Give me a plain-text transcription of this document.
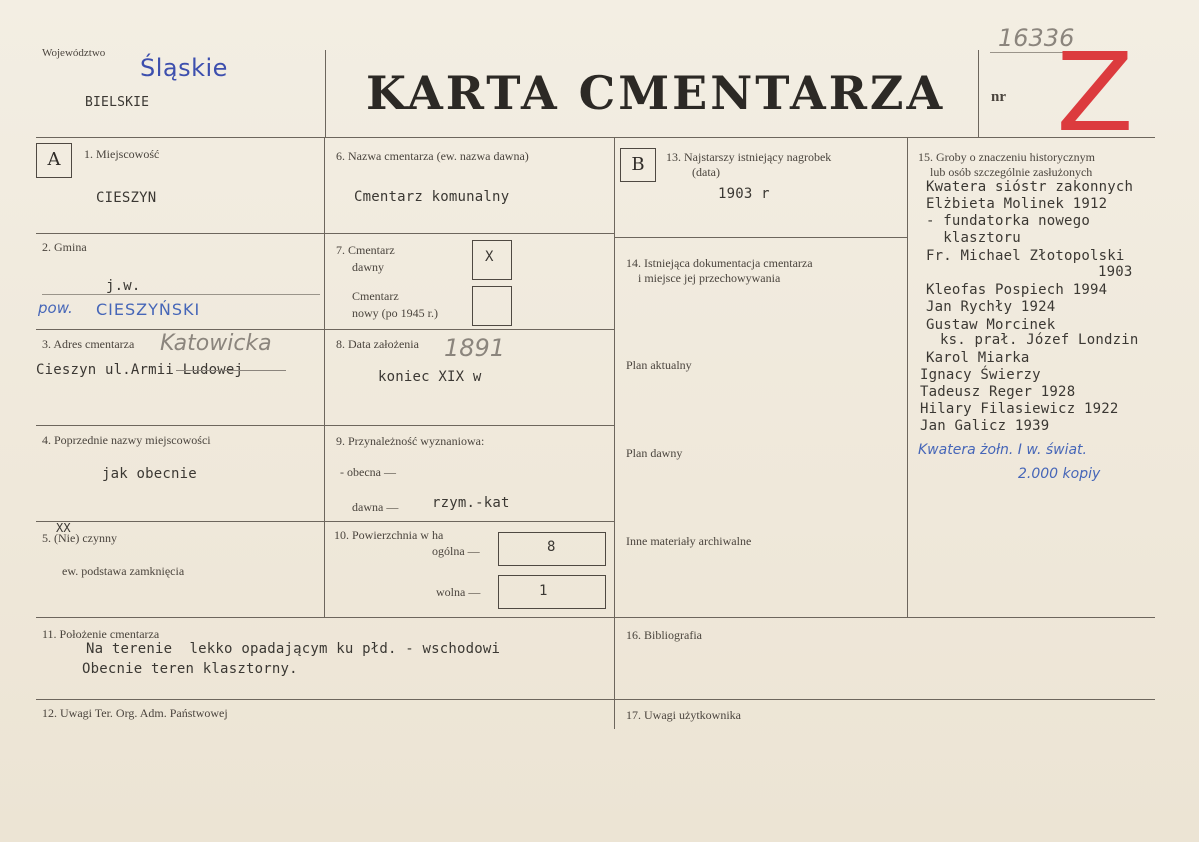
Województwo
Śląskie
BIELSKIE	KARTA CMENTARZA	nr
16336
Z
A	1. Miejscowość
CIESZYN
2. Gmina
j.w.
pow. CIESZYŃSKI
3. Adres cmentarza Katowicka
Cieszyn ul.Armii Ludowej
4. Poprzednie nazwy miejscowości
jak obecnie
5. (Nie) czynny
XX
ew. podstawa zamknięcia
6. Nazwa cmentarza (ew. nazwa dawna)
Cmentarz komunalny
7. Cmentarz
dawny
X
Cmentarz
nowy (po 1945 r.)
8. Data założenia 1891
koniec XIX w
9. Przynależność wyznaniowa:
- obecna —
dawna — rzym.-kat
10. Powierzchnia w ha
ogólna —	8
wolna —	1
B	13. Najstarszy istniejący nagrobek
(data)
1903 r
14. Istniejąca dokumentacja cmentarza
i miejsce jej przechowywania
Plan aktualny
Plan dawny
Inne materiały archiwalne
15. Groby o znaczeniu historycznym
lub osób szczególnie zasłużonych
Kwatera sióstr zakonnych
Elżbieta Molinek 1912
- fundatorka nowego
klasztoru
Fr. Michael Złotopolski
1903
Kleofas Pospiech 1994
Jan Rychły 1924
Gustaw Morcinek
ks. prał. Józef Londzin
Karol Miarka
Ignacy Świerzy
Tadeusz Reger 1928
Hilary Filasiewicz 1922
Jan Galicz 1939
Kwatera żołn. I w. świat.
2.000 kopiy
11. Położenie cmentarza
Na terenie  lekko opadającym ku płd. - wschodowi
Obecnie teren klasztorny.
16. Bibliografia
12. Uwagi Ter. Org. Adm. Państwowej	17. Uwagi użytkownika
